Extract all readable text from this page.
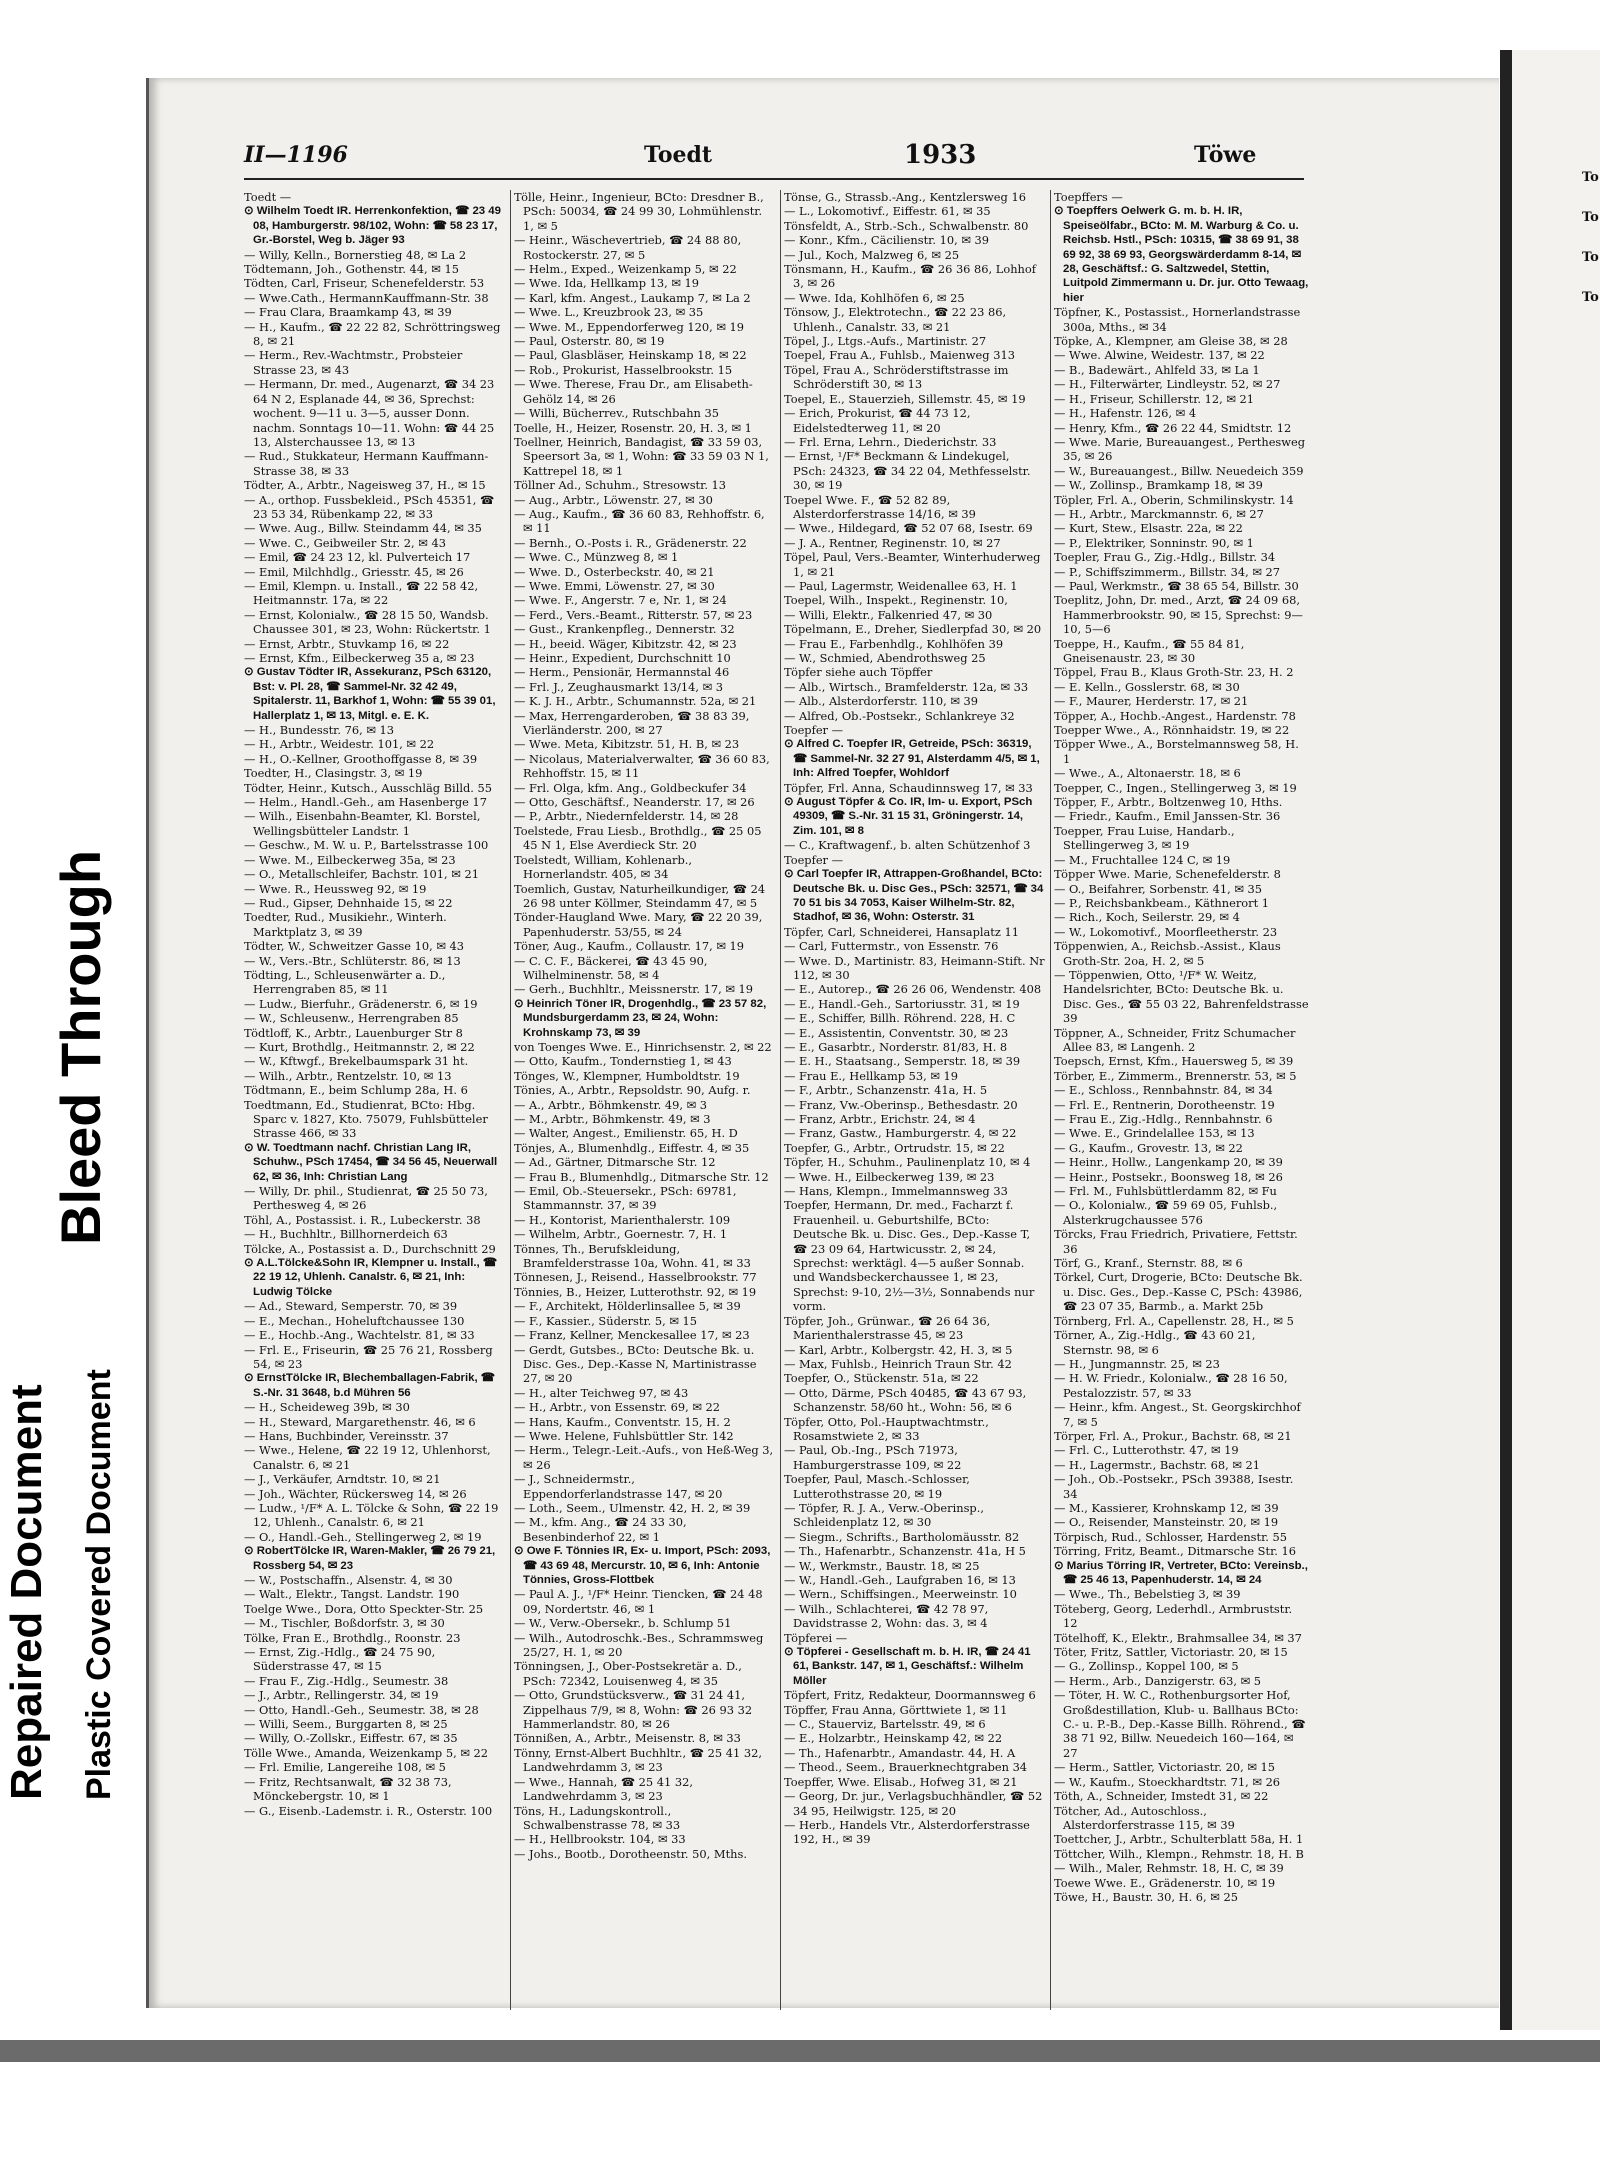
Bleed Through
Repaired Document Plastic Covered Document
II—1196	Toedt	1933	Töwe

Toedt —

⊙ Wilhelm Toedt IR. Herrenkonfektion, ☎ 23 49 08, Hamburgerstr. 98/102, Wohn: ☎ 58 23 17, Gr.-Borstel, Weg b. Jäger 93

— Willy, Kelln., Bornerstieg 48, ✉ La 2

Tödtemann, Joh., Gothenstr. 44, ✉ 15

Tödten, Carl, Friseur, Schenefelderstr. 53

— Wwe.Cath., HermannKauffmann-Str. 38

— Frau Clara, Braamkamp 43, ✉ 39

— H., Kaufm., ☎ 22 22 82, Schröttringsweg 8, ✉ 21

— Herm., Rev.-Wachtmstr., Probsteier Strasse 23, ✉ 43

— Hermann, Dr. med., Augenarzt, ☎ 34 23 64 N 2, Esplanade 44, ✉ 36, Sprechst: wochent. 9—11 u. 3—5, ausser Donn. nachm. Sonntags 10—11. Wohn: ☎ 44 25 13, Alsterchaussee 13, ✉ 13

— Rud., Stukkateur, Hermann Kauffmann-Strasse 38, ✉ 33

Tödter, A., Arbtr., Nageisweg 37, H., ✉ 15

— A., orthop. Fussbekleid., PSch 45351, ☎ 23 53 34, Rübenkamp 22, ✉ 33

— Wwe. Aug., Billw. Steindamm 44, ✉ 35

— Wwe. C., Geibweiler Str. 2, ✉ 43

— Emil, ☎ 24 23 12, kl. Pulverteich 17

— Emil, Milchhdlg., Griesstr. 45, ✉ 26

— Emil, Klempn. u. Install., ☎ 22 58 42, Heitmannstr. 17a, ✉ 22

— Ernst, Kolonialw., ☎ 28 15 50, Wandsb. Chaussee 301, ✉ 23, Wohn: Rückertstr. 1

— Ernst, Arbtr., Stuvkamp 16, ✉ 22

— Ernst, Kfm., Eilbeckerweg 35 a, ✉ 23

⊙ Gustav Tödter IR, Assekuranz, PSch 63120, Bst: v. Pl. 28, ☎ Sammel-Nr. 32 42 49, Spitalerstr. 11, Barkhof 1, Wohn: ☎ 55 39 01, Hallerplatz 1, ✉ 13, Mitgl. e. E. K.

— H., Bundesstr. 76, ✉ 13

— H., Arbtr., Weidestr. 101, ✉ 22

— H., O.-Kellner, Groothoffgasse 8, ✉ 39

Toedter, H., Clasingstr. 3, ✉ 19

Tödter, Heinr., Kutsch., Ausschläg Billd. 55

— Helm., Handl.-Geh., am Hasenberge 17

— Wilh., Eisenbahn-Beamter, Kl. Borstel, Wellingsbütteler Landstr. 1

— Geschw., M. W. u. P., Bartelsstrasse 100

— Wwe. M., Eilbeckerweg 35a, ✉ 23

— O., Metallschleifer, Bachstr. 101, ✉ 21

— Wwe. R., Heussweg 92, ✉ 19

— Rud., Gipser, Dehnhaide 15, ✉ 22

Toedter, Rud., Musikiehr., Winterh. Marktplatz 3, ✉ 39

Tödter, W., Schweitzer Gasse 10, ✉ 43

— W., Vers.-Btr., Schlüterstr. 86, ✉ 13

Tödting, L., Schleusenwärter a. D., Herrengraben 85, ✉ 11

— Ludw., Bierfuhr., Grädenerstr. 6, ✉ 19

— W., Schleusenw., Herrengraben 85

Tödtloff, K., Arbtr., Lauenburger Str 8

— Kurt, Brothdlg., Heitmannstr. 2, ✉ 22

— W., Kftwgf., Brekelbaumspark 31 ht.

— Wilh., Arbtr., Rentzelstr. 10, ✉ 13

Tödtmann, E., beim Schlump 28a, H. 6

Toedtmann, Ed., Studienrat, BCto: Hbg. Sparc v. 1827, Kto. 75079, Fuhlsbütteler Strasse 466, ✉ 33

⊙ W. Toedtmann nachf. Christian Lang IR, Schuhw., PSch 17454, ☎ 34 56 45, Neuerwall 62, ✉ 36, Inh: Christian Lang

— Willy, Dr. phil., Studienrat, ☎ 25 50 73, Perthesweg 4, ✉ 26

Töhl, A., Postassist. i. R., Lubeckerstr. 38

— H., Buchhltr., Billhornerdeich 63

Tölcke, A., Postassist a. D., Durchschnitt 29

⊙ A.L.Tölcke&Sohn IR, Klempner u. Install., ☎ 22 19 12, Uhlenh. Canalstr. 6, ✉ 21, Inh: Ludwig Tölcke

— Ad., Steward, Semperstr. 70, ✉ 39

— E., Mechan., Hoheluftchaussee 130

— E., Hochb.-Ang., Wachtelstr. 81, ✉ 33

— Frl. E., Friseurin, ☎ 25 76 21, Rossberg 54, ✉ 23

⊙ ErnstTölcke IR, Blechemballagen-Fabrik, ☎ S.-Nr. 31 3648, b.d Mühren 56

— H., Scheideweg 39b, ✉ 30

— H., Steward, Margarethenstr. 46, ✉ 6

— Hans, Buchbinder, Vereinsstr. 37

— Wwe., Helene, ☎ 22 19 12, Uhlenhorst, Canalstr. 6, ✉ 21

— J., Verkäufer, Arndtstr. 10, ✉ 21

— Joh., Wächter, Rückersweg 14, ✉ 26

— Ludw., ¹/F* A. L. Tölcke & Sohn, ☎ 22 19 12, Uhlenh., Canalstr. 6, ✉ 21

— O., Handl.-Geh., Stellingerweg 2, ✉ 19

⊙ RobertTölcke IR, Waren-Makler, ☎ 26 79 21, Rossberg 54, ✉ 23

— W., Postschaffn., Alsenstr. 4, ✉ 30

— Walt., Elektr., Tangst. Landstr. 190

Toelge Wwe., Dora, Otto Speckter-Str. 25

— M., Tischler, Boßdorfstr. 3, ✉ 30

Tölke, Fran E., Brothdlg., Roonstr. 23

— Ernst, Zig.-Hdlg., ☎ 24 75 90, Süderstrasse 47, ✉ 15

— Frau F., Zig.-Hdlg., Seumestr. 38

— J., Arbtr., Rellingerstr. 34, ✉ 19

— Otto, Handl.-Geh., Seumestr. 38, ✉ 28

— Willi, Seem., Burggarten 8, ✉ 25

— Willy, O.-Zollskr., Eiffestr. 67, ✉ 35

Tölle Wwe., Amanda, Weizenkamp 5, ✉ 22

— Frl. Emilie, Langereihe 108, ✉ 5

— Fritz, Rechtsanwalt, ☎ 32 38 73, Mönckebergstr. 10, ✉ 1

— G., Eisenb.-Lademstr. i. R., Osterstr. 100

Tölle, Heinr., Ingenieur, BCto: Dresdner B., PSch: 50034, ☎ 24 99 30, Lohmühlenstr. 1, ✉ 5

— Heinr., Wäschevertrieb, ☎ 24 88 80, Rostockerstr. 27, ✉ 5

— Helm., Exped., Weizenkamp 5, ✉ 22

— Wwe. Ida, Hellkamp 13, ✉ 19

— Karl, kfm. Angest., Laukamp 7, ✉ La 2

— Wwe. L., Kreuzbrook 23, ✉ 35

— Wwe. M., Eppendorferweg 120, ✉ 19

— Paul, Osterstr. 80, ✉ 19

— Paul, Glasbläser, Heinskamp 18, ✉ 22

— Rob., Prokurist, Hasselbrookstr. 15

— Wwe. Therese, Frau Dr., am Elisabeth-Gehölz 14, ✉ 26

— Willi, Bücherrev., Rutschbahn 35

Toelle, H., Heizer, Rosenstr. 20, H. 3, ✉ 1

Toellner, Heinrich, Bandagist, ☎ 33 59 03, Speersort 3a, ✉ 1, Wohn: ☎ 33 59 03 N 1, Kattrepel 18, ✉ 1

Töllner Ad., Schuhm., Stresowstr. 13

— Aug., Arbtr., Löwenstr. 27, ✉ 30

— Aug., Kaufm., ☎ 36 60 83, Rehhoffstr. 6, ✉ 11

— Bernh., O.-Posts i. R., Grädenerstr. 22

— Wwe. C., Münzweg 8, ✉ 1

— Wwe. D., Osterbeckstr. 40, ✉ 21

— Wwe. Emmi, Löwenstr. 27, ✉ 30

— Wwe. F., Angerstr. 7 e, Nr. 1, ✉ 24

— Ferd., Vers.-Beamt., Ritterstr. 57, ✉ 23

— Gust., Krankenpfleg., Dennerstr. 32

— H., beeid. Wäger, Kibitzstr. 42, ✉ 23

— Heinr., Expedient, Durchschnitt 10

— Herm., Pensionär, Hermannstal 46

— Frl. J., Zeughausmarkt 13/14, ✉ 3

— K. J. H., Arbtr., Schumannstr. 52a, ✉ 21

— Max, Herrengarderoben, ☎ 38 83 39, Vierländerstr. 200, ✉ 27

— Wwe. Meta, Kibitzstr. 51, H. B, ✉ 23

— Nicolaus, Materialverwalter, ☎ 36 60 83, Rehhoffstr. 15, ✉ 11

— Frl. Olga, kfm. Ang., Goldbeckufer 34

— Otto, Geschäftsf., Neanderstr. 17, ✉ 26

— P., Arbtr., Niedernfelderstr. 14, ✉ 28

Toelstede, Frau Liesb., Brothdlg., ☎ 25 05 45 N 1, Else Averdieck Str. 20

Toelstedt, William, Kohlenarb., Hornerlandstr. 405, ✉ 34

Toemlich, Gustav, Naturheilkundiger, ☎ 24 26 98 unter Köllmer, Steindamm 47, ✉ 5

Tönder-Haugland Wwe. Mary, ☎ 22 20 39, Papenhuderstr. 53/55, ✉ 24

Töner, Aug., Kaufm., Collaustr. 17, ✉ 19

— C. C. F., Bäckerei, ☎ 43 45 90, Wilhelminenstr. 58, ✉ 4

— Gerh., Buchhltr., Meissnerstr. 17, ✉ 19

⊙ Heinrich Töner IR, Drogenhdlg., ☎ 23 57 82, Mundsburgerdamm 23, ✉ 24, Wohn: Krohnskamp 73, ✉ 39

von Toenges Wwe. E., Hinrichsenstr. 2, ✉ 22

— Otto, Kaufm., Tondernstieg 1, ✉ 43

Tönges, W., Klempner, Humboldtstr. 19

Tönies, A., Arbtr., Repsoldstr. 90, Aufg. r.

— A., Arbtr., Böhmkenstr. 49, ✉ 3

— M., Arbtr., Böhmkenstr. 49, ✉ 3

— Walter, Angest., Emilienstr. 65, H. D

Tönjes, A., Blumenhdlg., Eiffestr. 4, ✉ 35

— Ad., Gärtner, Ditmarsche Str. 12

— Frau B., Blumenhdlg., Ditmarsche Str. 12

— Emil, Ob.-Steuersekr., PSch: 69781, Stammannstr. 37, ✉ 39

— H., Kontorist, Marienthalerstr. 109

— Wilhelm, Arbtr., Goernestr. 7, H. 1

Tönnes, Th., Berufskleidung, Bramfelderstrasse 10a, Wohn. 41, ✉ 33

Tönnesen, J., Reisend., Hasselbrookstr. 77

Tönnies, B., Heizer, Lutterothstr. 92, ✉ 19

— F., Architekt, Hölderlinsallee 5, ✉ 39

— F., Kassier., Süderstr. 5, ✉ 15

— Franz, Kellner, Menckesallee 17, ✉ 23

— Gerdt, Gutsbes., BCto: Deutsche Bk. u. Disc. Ges., Dep.-Kasse N, Martinistrasse 27, ✉ 20

— H., alter Teichweg 97, ✉ 43

— H., Arbtr., von Essenstr. 69, ✉ 22

— Hans, Kaufm., Conventstr. 15, H. 2

— Wwe. Helene, Fuhlsbüttler Str. 142

— Herm., Telegr.-Leit.-Aufs., von Heß-Weg 3, ✉ 26

— J., Schneidermstr., Eppendorferlandstrasse 147, ✉ 20

— Loth., Seem., Ulmenstr. 42, H. 2, ✉ 39

— M., kfm. Ang., ☎ 24 33 30, Besenbinderhof 22, ✉ 1

⊙ Owe F. Tönnies IR, Ex- u. Import, PSch: 2093, ☎ 43 69 48, Mercurstr. 10, ✉ 6, Inh: Antonie Tönnies, Gross-Flottbek

— Paul A. J., ¹/F* Heinr. Tiencken, ☎ 24 48 09, Nordertstr. 46, ✉ 1

— W., Verw.-Obersekr., b. Schlump 51

— Wilh., Autodroschk.-Bes., Schrammsweg 25/27, H. 1, ✉ 20

Tönningsen, J., Ober-Postsekretär a. D., PSch: 72342, Louisenweg 4, ✉ 35

— Otto, Grundstücksverw., ☎ 31 24 41, Zippelhaus 7/9, ✉ 8, Wohn: ☎ 26 93 32 Hammerlandstr. 80, ✉ 26

Tönnißen, A., Arbtr., Meisenstr. 8, ✉ 33

Tönny, Ernst-Albert Buchhltr., ☎ 25 41 32, Landwehrdamm 3, ✉ 23

— Wwe., Hannah, ☎ 25 41 32, Landwehrdamm 3, ✉ 23

Töns, H., Ladungskontroll., Schwalbenstrasse 78, ✉ 33

— H., Hellbrookstr. 104, ✉ 33

— Johs., Bootb., Dorotheenstr. 50, Mths.

Tönse, G., Strassb.-Ang., Kentzlersweg 16

— L., Lokomotivf., Eiffestr. 61, ✉ 35

Tönsfeldt, A., Strb.-Sch., Schwalbenstr. 80

— Konr., Kfm., Cäcilienstr. 10, ✉ 39

— Jul., Koch, Malzweg 6, ✉ 25

Tönsmann, H., Kaufm., ☎ 26 36 86, Lohhof 3, ✉ 26

— Wwe. Ida, Kohlhöfen 6, ✉ 25

Tönsow, J., Elektrotechn., ☎ 22 23 86, Uhlenh., Canalstr. 33, ✉ 21

Töpel, J., Ltgs.-Aufs., Martinistr. 27

Toepel, Frau A., Fuhlsb., Maienweg 313

Töpel, Frau A., Schröderstiftstrasse im Schröderstift 30, ✉ 13

Toepel, E., Stauerzieh, Sillemstr. 45, ✉ 19

— Erich, Prokurist, ☎ 44 73 12, Eidelstedterweg 11, ✉ 20

— Frl. Erna, Lehrn., Diederichstr. 33

— Ernst, ¹/F* Beckmann & Lindekugel, PSch: 24323, ☎ 34 22 04, Methfesselstr. 30, ✉ 19

Toepel Wwe. F., ☎ 52 82 89, Alsterdorferstrasse 14/16, ✉ 39

— Wwe., Hildegard, ☎ 52 07 68, Isestr. 69

— J. A., Rentner, Reginenstr. 10, ✉ 27

Töpel, Paul, Vers.-Beamter, Winterhuderweg 1, ✉ 21

— Paul, Lagermstr, Weidenallee 63, H. 1

Toepel, Wilh., Inspekt., Reginenstr. 10,

— Willi, Elektr., Falkenried 47, ✉ 30

Töpelmann, E., Dreher, Siedlerpfad 30, ✉ 20

— Frau E., Farbenhdlg., Kohlhöfen 39

— W., Schmied, Abendrothsweg 25

Töpfer siehe auch Töpffer

— Alb., Wirtsch., Bramfelderstr. 12a, ✉ 33

— Alb., Alsterdorferstr. 110, ✉ 39

— Alfred, Ob.-Postsekr., Schlankreye 32

Toepfer —

⊙ Alfred C. Toepfer IR, Getreide, PSch: 36319, ☎ Sammel-Nr. 32 27 91, Alsterdamm 4/5, ✉ 1, Inh: Alfred Toepfer, Wohldorf

Töpfer, Frl. Anna, Schaudinnsweg 17, ✉ 33

⊙ August Töpfer & Co. IR, Im- u. Export, PSch 49309, ☎ S.-Nr. 31 15 31, Gröningerstr. 14, Zim. 101, ✉ 8

— C., Kraftwagenf., b. alten Schützenhof 3

Toepfer —

⊙ Carl Toepfer IR, Attrappen-Großhandel, BCto: Deutsche Bk. u. Disc Ges., PSch: 32571, ☎ 34 70 51 bis 34 7053, Kaiser Wilhelm-Str. 82, Stadhof, ✉ 36, Wohn: Osterstr. 31

Töpfer, Carl, Schneiderei, Hansaplatz 11

— Carl, Futtermstr., von Essenstr. 76

— Wwe. D., Martinistr. 83, Heimann-Stift. Nr 112, ✉ 30

— E., Autorep., ☎ 26 26 06, Wendenstr. 408

— E., Handl.-Geh., Sartoriusstr. 31, ✉ 19

— E., Schiffer, Billh. Röhrend. 228, H. C

— E., Assistentin, Conventstr. 30, ✉ 23

— E., Gasarbtr., Norderstr. 81/83, H. 8

— E. H., Staatsang., Semperstr. 18, ✉ 39

— Frau E., Hellkamp 53, ✉ 19

— F., Arbtr., Schanzenstr. 41a, H. 5

— Franz, Vw.-Oberinsp., Bethesdastr. 20

— Franz, Arbtr., Erichstr. 24, ✉ 4

— Franz, Gastw., Hamburgerstr. 4, ✉ 22

Toepfer, G., Arbtr., Ortrudstr. 15, ✉ 22

Töpfer, H., Schuhm., Paulinenplatz 10, ✉ 4

— Wwe. H., Eilbeckerweg 139, ✉ 23

— Hans, Klempn., Immelmannsweg 33

Toepfer, Hermann, Dr. med., Facharzt f. Frauenheil. u. Geburtshilfe, BCto: Deutsche Bk. u. Disc. Ges., Dep.-Kasse T, ☎ 23 09 64, Hartwicusstr. 2, ✉ 24, Sprechst: werktägl. 4—5 außer Sonnab. und Wandsbeckerchaussee 1, ✉ 23, Sprechst: 9-10, 2½—3½, Sonnabends nur vorm.

Töpfer, Joh., Grünwar., ☎ 26 64 36, Marienthalerstrasse 45, ✉ 23

— Karl, Arbtr., Kolbergstr. 42, H. 3, ✉ 5

— Max, Fuhlsb., Heinrich Traun Str. 42

Toepfer, O., Stückenstr. 51a, ✉ 22

— Otto, Därme, PSch 40485, ☎ 43 67 93, Schanzenstr. 58/60 ht., Wohn: 56, ✉ 6

Töpfer, Otto, Pol.-Hauptwachtmstr., Rosamstwiete 2, ✉ 33

— Paul, Ob.-Ing., PSch 71973, Hamburgerstrasse 109, ✉ 22

Toepfer, Paul, Masch.-Schlosser, Lutterothstrasse 20, ✉ 19

— Töpfer, R. J. A., Verw.-Oberinsp., Schleidenplatz 12, ✉ 30

— Siegm., Schrifts., Bartholomäusstr. 82

— Th., Hafenarbtr., Schanzenstr. 41a, H 5

— W., Werkmstr., Baustr. 18, ✉ 25

— W., Handl.-Geh., Laufgraben 16, ✉ 13

— Wern., Schiffsingen., Meerweinstr. 10

— Wilh., Schlachterei, ☎ 42 78 97, Davidstrasse 2, Wohn: das. 3, ✉ 4

Töpferei —

⊙ Töpferei - Gesellschaft m. b. H. IR, ☎ 24 41 61, Bankstr. 147, ✉ 1, Geschäftsf.: Wilhelm Möller

Töpfert, Fritz, Redakteur, Doormannsweg 6

Töpffer, Frau Anna, Görttwiete 1, ✉ 11

— C., Stauerviz, Bartelsstr. 49, ✉ 6

— E., Holzarbtr., Heinskamp 42, ✉ 22

— Th., Hafenarbtr., Amandastr. 44, H. A

— Theod., Seem., Brauerknechtgraben 34

Toepffer, Wwe. Elisab., Hofweg 31, ✉ 21

— Georg, Dr. jur., Verlagsbuchhändler, ☎ 52 34 95, Heilwigstr. 125, ✉ 20

— Herb., Handels Vtr., Alsterdorferstrasse 192, H., ✉ 39

Toepffers —

⊙ Toepffers Oelwerk G. m. b. H. IR, Speiseölfabr., BCto: M. M. Warburg & Co. u. Reichsb. Hstl., PSch: 10315, ☎ 38 69 91, 38 69 92, 38 69 93, Georgswärderdamm 8-14, ✉ 28, Geschäftsf.: G. Saltzwedel, Stettin, Luitpold Zimmermann u. Dr. jur. Otto Tewaag, hier

Töpfner, K., Postassist., Hornerlandstrasse 300a, Mths., ✉ 34

Töpke, A., Klempner, am Gleise 38, ✉ 28

— Wwe. Alwine, Weidestr. 137, ✉ 22

— B., Badewärt., Ahlfeld 33, ✉ La 1

— H., Filterwärter, Lindleystr. 52, ✉ 27

— H., Friseur, Schillerstr. 12, ✉ 21

— H., Hafenstr. 126, ✉ 4

— Henry, Kfm., ☎ 26 22 44, Smidtstr. 12

— Wwe. Marie, Bureauangest., Perthesweg 35, ✉ 26

— W., Bureauangest., Billw. Neuedeich 359

— W., Zollinsp., Bramkamp 18, ✉ 39

Töpler, Frl. A., Oberin, Schmilinskystr. 14

— H., Arbtr., Marckmannstr. 6, ✉ 27

— Kurt, Stew., Elsastr. 22a, ✉ 22

— P., Elektriker, Sonninstr. 90, ✉ 1

Toepler, Frau G., Zig.-Hdlg., Billstr. 34

— P., Schiffszimmerm., Billstr. 34, ✉ 27

— Paul, Werkmstr., ☎ 38 65 54, Billstr. 30

Toeplitz, John, Dr. med., Arzt, ☎ 24 09 68, Hammerbrookstr. 90, ✉ 15, Sprechst: 9—10, 5—6

Toeppe, H., Kaufm., ☎ 55 84 81, Gneisenaustr. 23, ✉ 30

Töppel, Frau B., Klaus Groth-Str. 23, H. 2

— E. Kelln., Gosslerstr. 68, ✉ 30

— F., Maurer, Herderstr. 17, ✉ 21

Töpper, A., Hochb.-Angest., Hardenstr. 78

Toepper Wwe., A., Rönnhaidstr. 19, ✉ 22

Töpper Wwe., A., Borstelmannsweg 58, H. 1

— Wwe., A., Altonaerstr. 18, ✉ 6

Toepper, C., Ingen., Stellingerweg 3, ✉ 19

Töpper, F., Arbtr., Boltzenweg 10, Hths.

— Friedr., Kaufm., Emil Janssen-Str. 36

Toepper, Frau Luise, Handarb., Stellingerweg 3, ✉ 19

— M., Fruchtallee 124 C, ✉ 19

Töpper Wwe. Marie, Schenefelderstr. 8

— O., Beifahrer, Sorbenstr. 41, ✉ 35

— P., Reichsbankbeam., Käthnerort 1

— Rich., Koch, Seilerstr. 29, ✉ 4

— W., Lokomotivf., Moorfleetherstr. 23

Töppenwien, A., Reichsb.-Assist., Klaus Groth-Str. 2oa, H. 2, ✉ 5

— Töppenwien, Otto, ¹/F* W. Weitz, Handelsrichter, BCto: Deutsche Bk. u. Disc. Ges., ☎ 55 03 22, Bahrenfeldstrasse 39

Töppner, A., Schneider, Fritz Schumacher Allee 83, ✉ Langenh. 2

Toepsch, Ernst, Kfm., Hauersweg 5, ✉ 39

Törber, E., Zimmerm., Brennerstr. 53, ✉ 5

— E., Schloss., Rennbahnstr. 84, ✉ 34

— Frl. E., Rentnerin, Dorotheenstr. 19

— Frau E., Zig.-Hdlg., Rennbahnstr. 6

— Wwe. E., Grindelallee 153, ✉ 13

— G., Kaufm., Grovestr. 13, ✉ 22

— Heinr., Hollw., Langenkamp 20, ✉ 39

— Heinr., Postsekr., Boonsweg 18, ✉ 26

— Frl. M., Fuhlsbüttlerdamm 82, ✉ Fu

— O., Kolonialw., ☎ 59 69 05, Fuhlsb., Alsterkrugchaussee 576

Törcks, Frau Friedrich, Privatiere, Fettstr. 36

Törf, G., Kranf., Sternstr. 88, ✉ 6

Törkel, Curt, Drogerie, BCto: Deutsche Bk. u. Disc. Ges., Dep.-Kasse C, PSch: 43986, ☎ 23 07 35, Barmb., a. Markt 25b

Törnberg, Frl. A., Capellenstr. 28, H., ✉ 5

Törner, A., Zig.-Hdlg., ☎ 43 60 21, Sternstr. 98, ✉ 6

— H., Jungmannstr. 25, ✉ 23

— H. W. Friedr., Kolonialw., ☎ 28 16 50, Pestalozzistr. 57, ✉ 33

— Heinr., kfm. Angest., St. Georgskirchhof 7, ✉ 5

Törper, Frl. A., Prokur., Bachstr. 68, ✉ 21

— Frl. C., Lutterothstr. 47, ✉ 19

— H., Lagermstr., Bachstr. 68, ✉ 21

— Joh., Ob.-Postsekr., PSch 39388, Isestr. 34

— M., Kassierer, Krohnskamp 12, ✉ 39

— O., Reisender, Mansteinstr. 20, ✉ 19

Törpisch, Rud., Schlosser, Hardenstr. 55

Törring, Fritz, Beamt., Ditmarsche Str. 16

⊙ Marius Törring IR, Vertreter, BCto: Vereinsb., ☎ 25 46 13, Papenhuderstr. 14, ✉ 24

— Wwe., Th., Bebelstieg 3, ✉ 39

Töteberg, Georg, Lederhdl., Armbruststr. 12

Tötelhoff, K., Elektr., Brahmsallee 34, ✉ 37

Töter, Fritz, Sattler, Victoriastr. 20, ✉ 15

— G., Zollinsp., Koppel 100, ✉ 5

— Herm., Arb., Danzigerstr. 63, ✉ 5

— Töter, H. W. C., Rothenburgsorter Hof, Großdestillation, Klub- u. Ballhaus BCto: C.- u. P.-B., Dep.-Kasse Billh. Röhrend., ☎ 38 71 92, Billw. Neuedeich 160—164, ✉ 27

— Herm., Sattler, Victoriastr. 20, ✉ 15

— W., Kaufm., Stoeckhardtstr. 71, ✉ 26

Töth, A., Schneider, Imstedt 31, ✉ 22

Tötcher, Ad., Autoschloss., Alsterdorferstrasse 115, ✉ 39

Toettcher, J., Arbtr., Schulterblatt 58a, H. 1

Töttcher, Wilh., Klempn., Rehmstr. 18, H. B

— Wilh., Maler, Rehmstr. 18, H. C, ✉ 39

Toewe Wwe. E., Grädenerstr. 10, ✉ 19

Töwe, H., Baustr. 30, H. 6, ✉ 25

To
To
To
To
